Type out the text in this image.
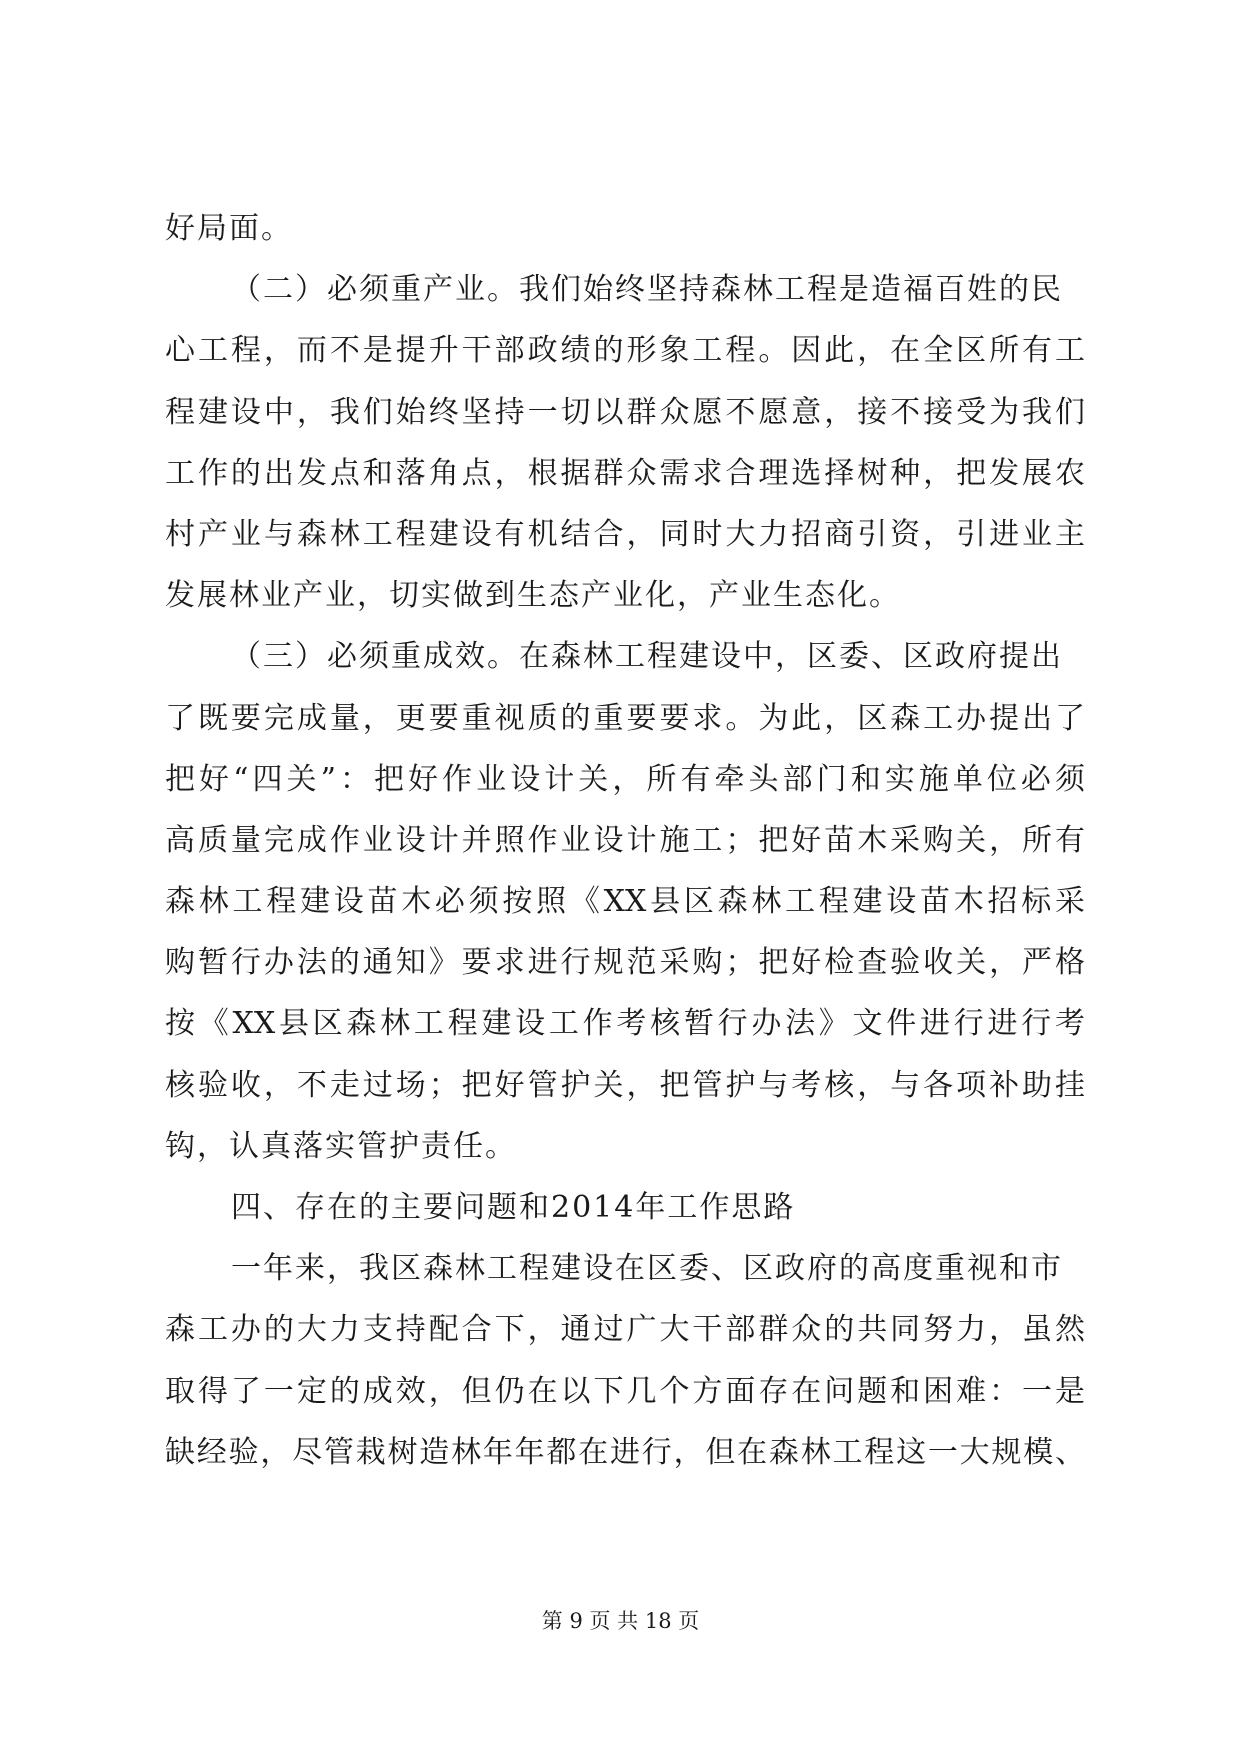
好局面。
（二）必须重产业。我们始终坚持森林工程是造福百姓的民
心工程，而不是提升干部政绩的形象工程。因此，在全区所有工
程建设中，我们始终坚持一切以群众愿不愿意，接不接受为我们
工作的出发点和落角点，根据群众需求合理选择树种，把发展农
村产业与森林工程建设有机结合，同时大力招商引资，引进业主
发展林业产业，切实做到生态产业化，产业生态化。
（三）必须重成效。在森林工程建设中，区委、区政府提出
了既要完成量，更要重视质的重要要求。为此，区森工办提出了
把好“四关”：把好作业设计关，所有牵头部门和实施单位必须
高质量完成作业设计并照作业设计施工；把好苗木采购关，所有
森林工程建设苗木必须按照《XX县区森林工程建设苗木招标采
购暂行办法的通知》要求进行规范采购；把好检查验收关，严格
按《XX县区森林工程建设工作考核暂行办法》文件进行进行考
核验收，不走过场；把好管护关，把管护与考核，与各项补助挂
钩，认真落实管护责任。
四、存在的主要问题和2014年工作思路
一年来，我区森林工程建设在区委、区政府的高度重视和市
森工办的大力支持配合下，通过广大干部群众的共同努力，虽然
取得了一定的成效，但仍在以下几个方面存在问题和困难：一是
缺经验，尽管栽树造林年年都在进行，但在森林工程这一大规模、
第 9 页 共 18 页
